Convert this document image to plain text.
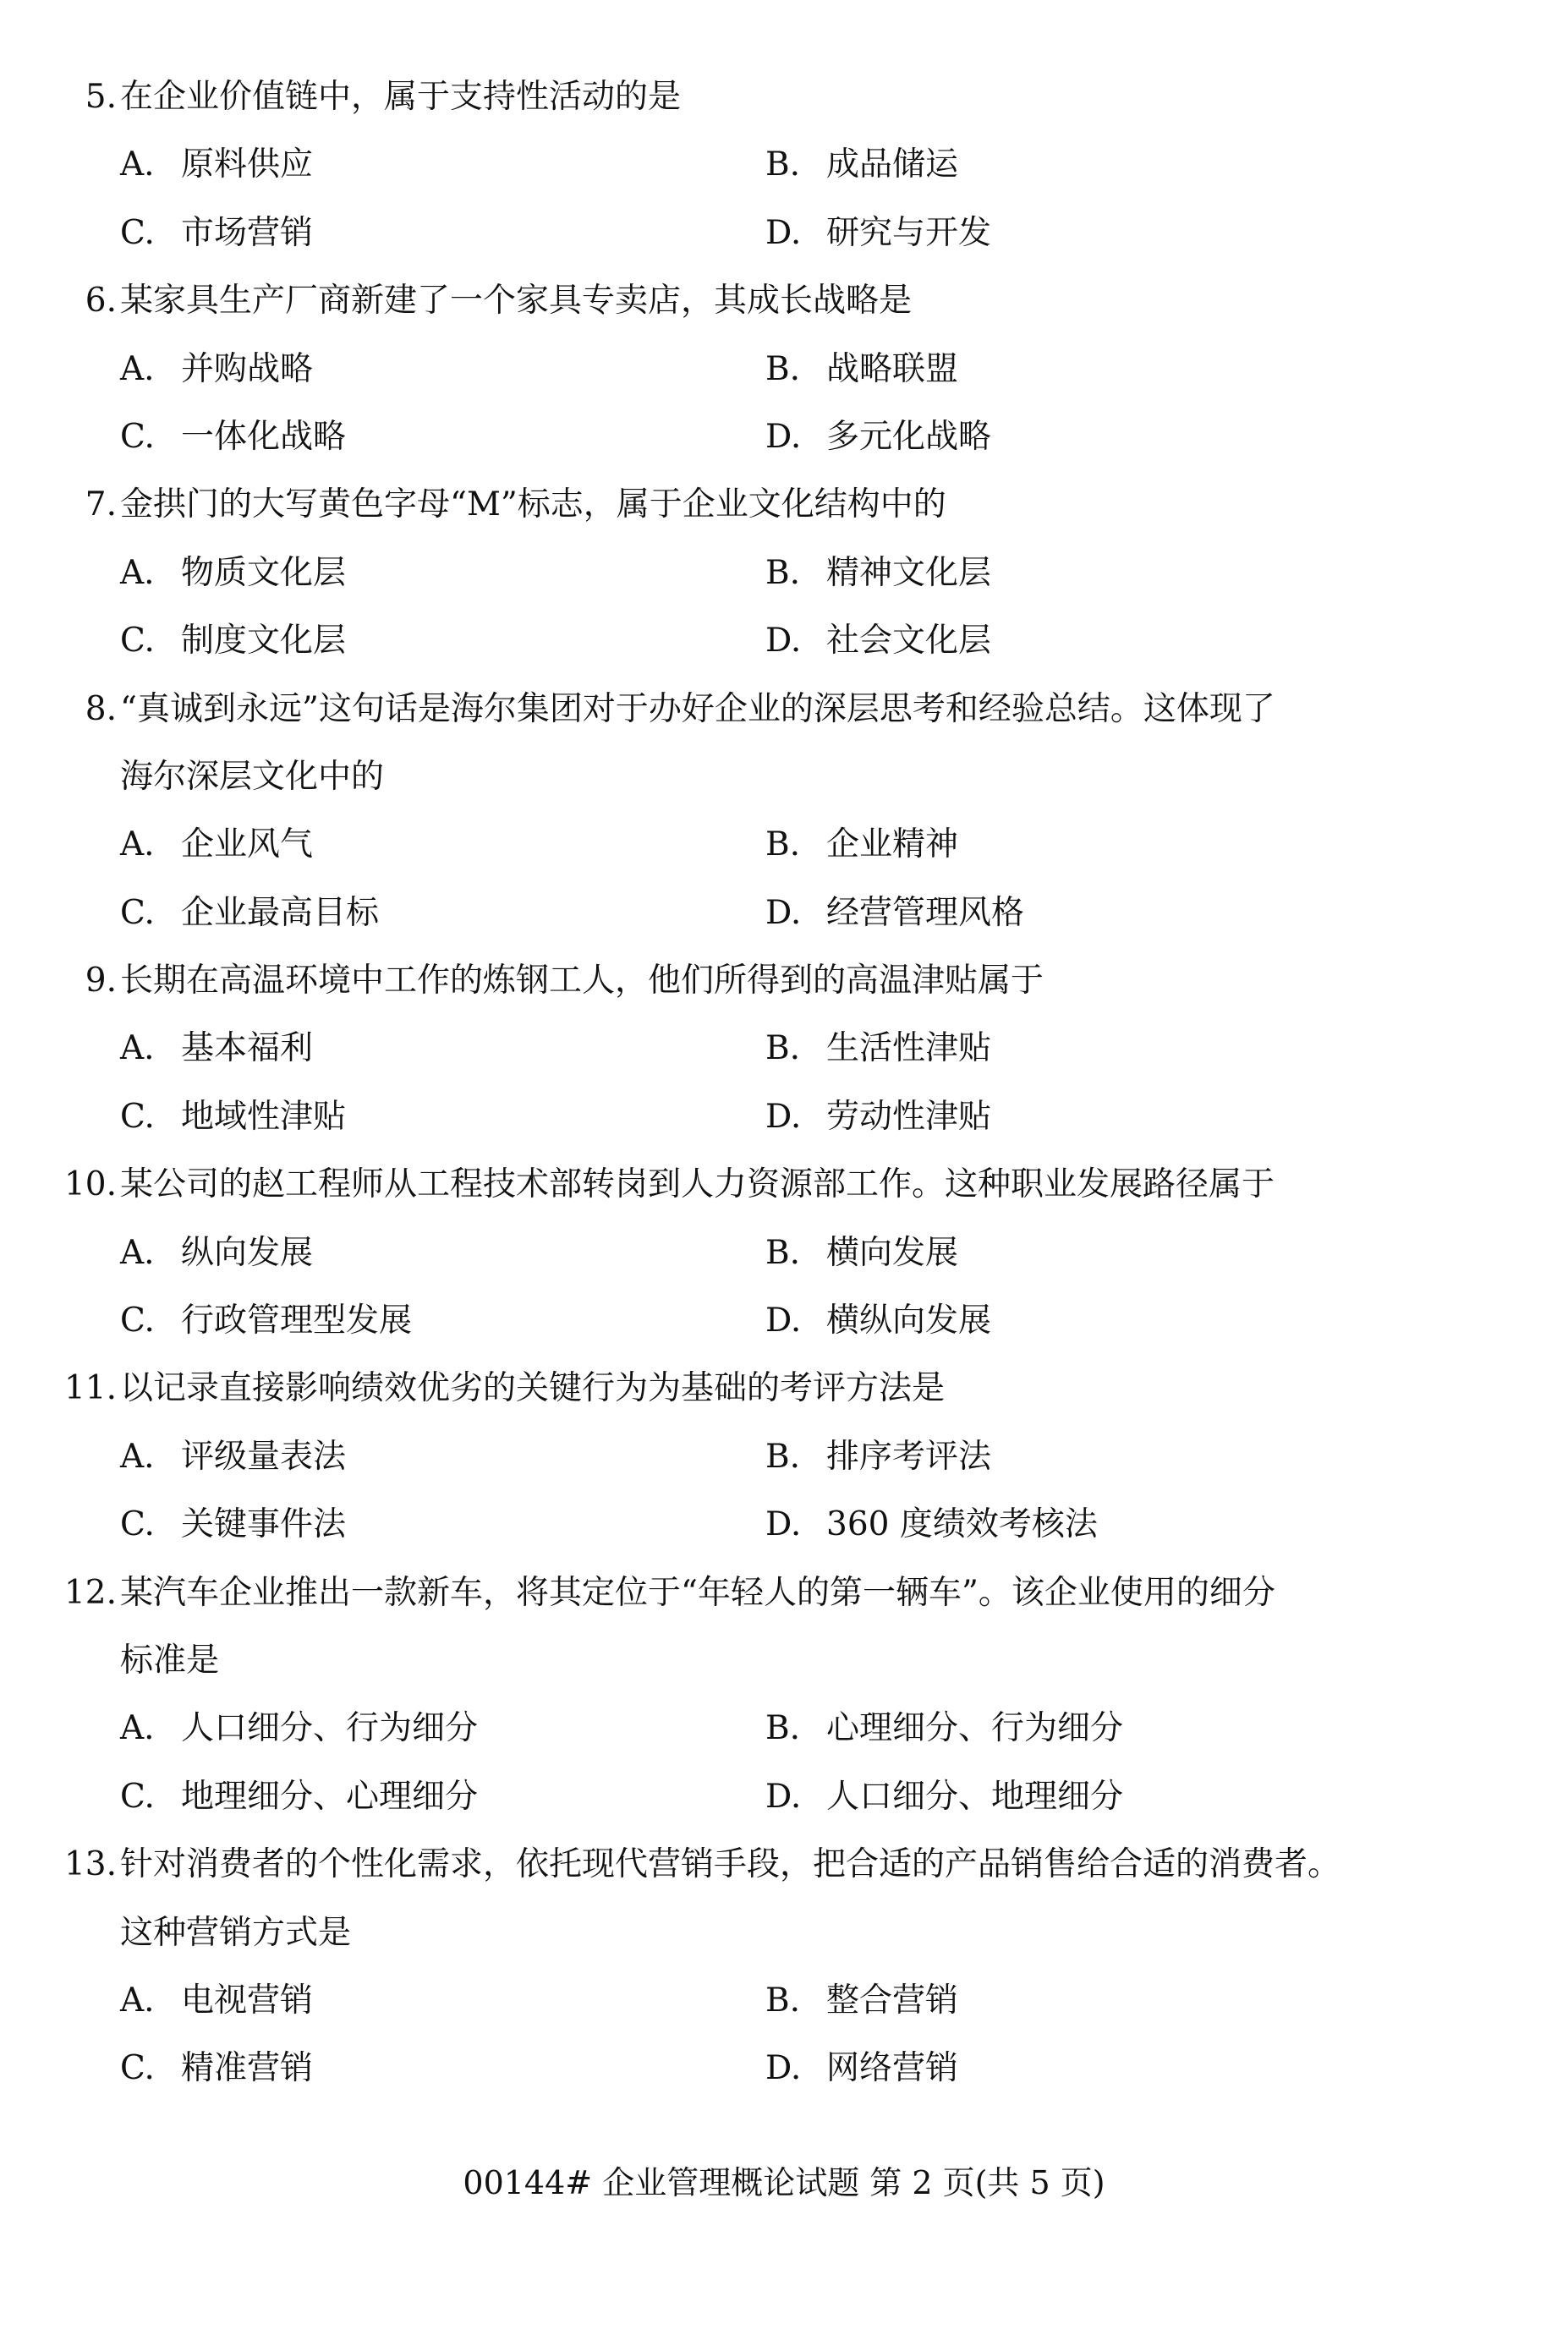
5. 在企业价值链中，属于支持性活动的是
A. 原料供应	B. 成品储运
C. 市场营销	D. 研究与开发
6. 某家具生产厂商新建了一个家具专卖店，其成长战略是
A. 并购战略	B. 战略联盟
C. 一体化战略	D. 多元化战略
7. 金拱门的大写黄色字母“M”标志，属于企业文化结构中的
A. 物质文化层	B. 精神文化层
C. 制度文化层	D. 社会文化层
8. “真诚到永远”这句话是海尔集团对于办好企业的深层思考和经验总结。这体现了
海尔深层文化中的
A. 企业风气	B. 企业精神
C. 企业最高目标	D. 经营管理风格
9. 长期在高温环境中工作的炼钢工人，他们所得到的高温津贴属于
A. 基本福利	B. 生活性津贴
C. 地域性津贴	D. 劳动性津贴
10. 某公司的赵工程师从工程技术部转岗到人力资源部工作。这种职业发展路径属于
A. 纵向发展	B. 横向发展
C. 行政管理型发展	D. 横纵向发展
11. 以记录直接影响绩效优劣的关键行为为基础的考评方法是
A. 评级量表法	B. 排序考评法
C. 关键事件法	D. 360 度绩效考核法
12. 某汽车企业推出一款新车，将其定位于“年轻人的第一辆车”。该企业使用的细分
标准是
A. 人口细分、行为细分	B. 心理细分、行为细分
C. 地理细分、心理细分	D. 人口细分、地理细分
13. 针对消费者的个性化需求，依托现代营销手段，把合适的产品销售给合适的消费者。
这种营销方式是
A. 电视营销	B. 整合营销
C. 精准营销	D. 网络营销
00144# 企业管理概论试题 第 2 页(共 5 页)
